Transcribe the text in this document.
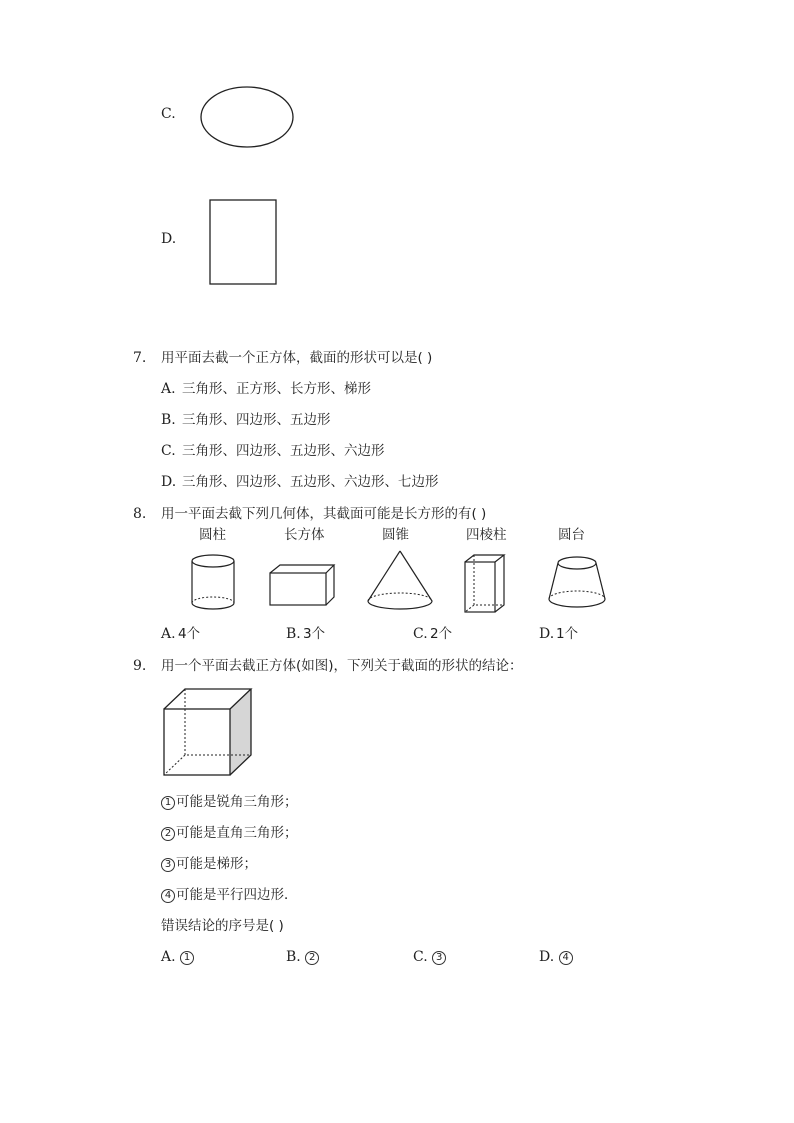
C.
D.
7. 用平面去截一个正方体，截面的形状可以是( )
A. 三角形、正方形、长方形、梯形
B. 三角形、四边形、五边形
C. 三角形、四边形、五边形、六边形
D. 三角形、四边形、五边形、六边形、七边形
8. 用一平面去截下列几何体，其截面可能是长方形的有( )
圆柱	长方体	圆锥	四棱柱	圆台
A. 4个	B. 3个	C. 2个	D. 1个
9. 用一个平面去截正方体(如图)，下列关于截面的形状的结论：
1 可能是锐角三角形；
2 可能是直角三角形；
3 可能是梯形；
4 可能是平行四边形．
错误结论的序号是( )
A. 1	B. 2	C. 3	D. 4
